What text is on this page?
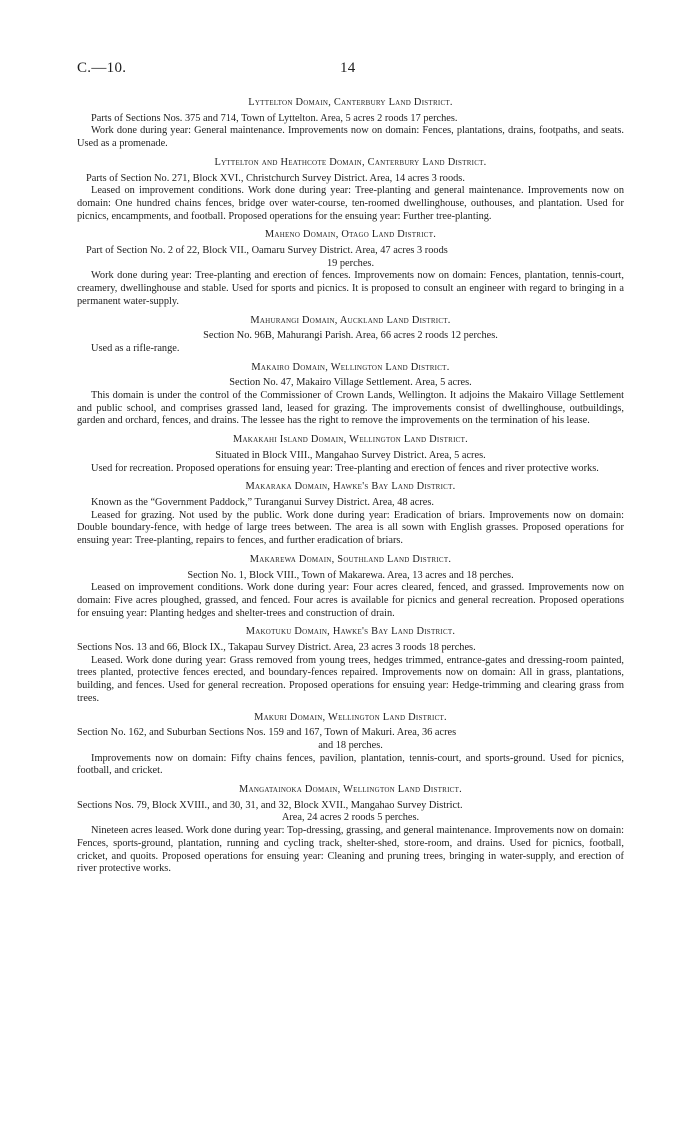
C.—10.	14
Lyttelton Domain, Canterbury Land District.

Parts of Sections Nos. 375 and 714, Town of Lyttelton. Area, 5 acres 2 roods 17 perches.

Work done during year: General maintenance. Improvements now on domain: Fences, plantations, drains, footpaths, and seats. Used as a promenade.

Lyttelton and Heathcote Domain, Canterbury Land District.

Parts of Section No. 271, Block XVI., Christchurch Survey District. Area, 14 acres 3 roods.

Leased on improvement conditions. Work done during year: Tree-planting and general maintenance. Improvements now on domain: One hundred chains fences, bridge over water-course, ten-roomed dwellinghouse, outhouses, and plantation. Used for picnics, encampments, and football. Proposed operations for the ensuing year: Further tree-planting.

Maheno Domain, Otago Land District.

Part of Section No. 2 of 22, Block VII., Oamaru Survey District. Area, 47 acres 3 roods

19 perches.

Work done during year: Tree-planting and erection of fences. Improvements now on domain: Fences, plantation, tennis-court, creamery, dwellinghouse and stable. Used for sports and picnics. It is proposed to consult an engineer with regard to bringing in a permanent water-supply.

Mahurangi Domain, Auckland Land District.

Section No. 96B, Mahurangi Parish. Area, 66 acres 2 roods 12 perches.

Used as a rifle-range.

Makairo Domain, Wellington Land District.

Section No. 47, Makairo Village Settlement. Area, 5 acres.

This domain is under the control of the Commissioner of Crown Lands, Wellington. It adjoins the Makairo Village Settlement and public school, and comprises grassed land, leased for grazing. The improvements consist of dwellinghouse, outbuildings, garden and orchard, fences, and drains. The lessee has the right to remove the improvements on the termination of his lease.

Makakahi Island Domain, Wellington Land District.

Situated in Block VIII., Mangahao Survey District. Area, 5 acres.

Used for recreation. Proposed operations for ensuing year: Tree-planting and erection of fences and river protective works.

Makaraka Domain, Hawke's Bay Land District.

Known as the “Government Paddock,” Turanganui Survey District. Area, 48 acres.

Leased for grazing. Not used by the public. Work done during year: Eradication of briars. Improvements now on domain: Double boundary-fence, with hedge of large trees between. The area is all sown with English grasses. Proposed operations for ensuing year: Tree-planting, repairs to fences, and further eradication of briars.

Makarewa Domain, Southland Land District.

Section No. 1, Block VIII., Town of Makarewa. Area, 13 acres and 18 perches.

Leased on improvement conditions. Work done during year: Four acres cleared, fenced, and grassed. Improvements now on domain: Five acres ploughed, grassed, and fenced. Four acres is available for picnics and general recreation. Proposed operations for ensuing year: Planting hedges and shelter-trees and construction of drain.

Makotuku Domain, Hawke's Bay Land District.

Sections Nos. 13 and 66, Block IX., Takapau Survey District. Area, 23 acres 3 roods 18 perches.

Leased. Work done during year: Grass removed from young trees, hedges trimmed, entrance-gates and dressing-room painted, trees planted, protective fences erected, and boundary-fences repaired. Improvements now on domain: All in grass, plantations, building, and fences. Used for general recreation. Proposed operations for ensuing year: Hedge-trimming and clearing grass from trees.

Makuri Domain, Wellington Land District.

Section No. 162, and Suburban Sections Nos. 159 and 167, Town of Makuri. Area, 36 acres

and 18 perches.

Improvements now on domain: Fifty chains fences, pavilion, plantation, tennis-court, and sports-ground. Used for picnics, football, and cricket.

Mangatainoka Domain, Wellington Land District.

Sections Nos. 79, Block XVIII., and 30, 31, and 32, Block XVII., Mangahao Survey District.

Area, 24 acres 2 roods 5 perches.

Nineteen acres leased. Work done during year: Top-dressing, grassing, and general maintenance. Improvements now on domain: Fences, sports-ground, plantation, running and cycling track, shelter-shed, store-room, and drains. Used for picnics, football, cricket, and quoits. Proposed operations for ensuing year: Cleaning and pruning trees, bringing in water-supply, and erection of river protective works.
